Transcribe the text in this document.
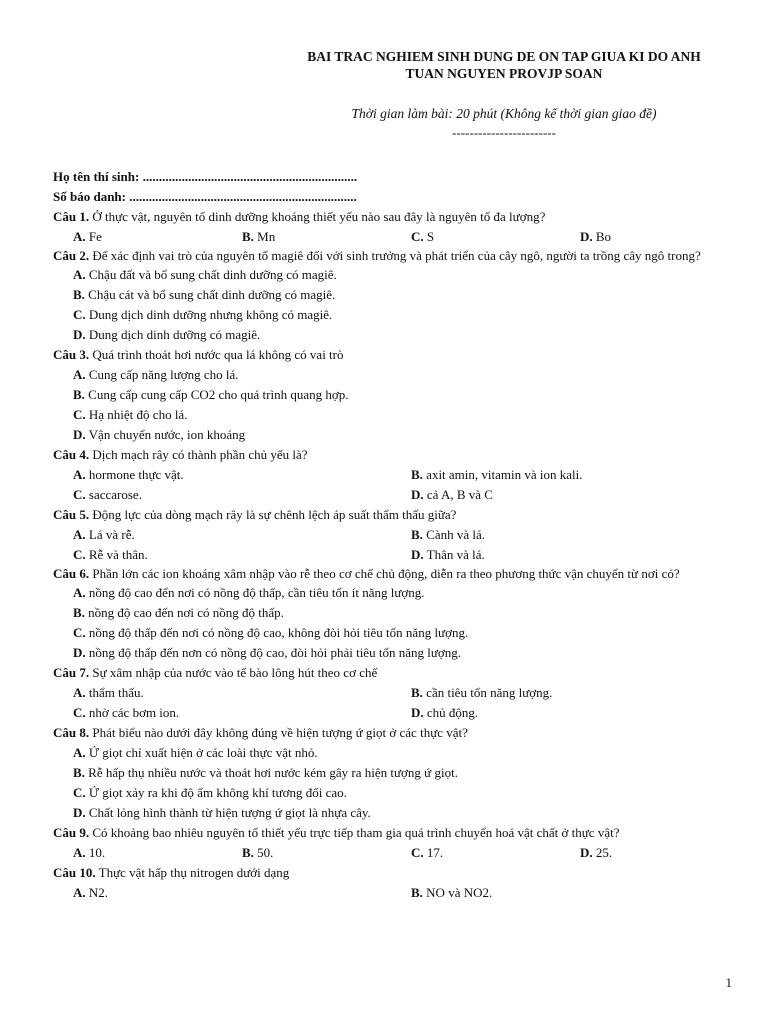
BAI TRAC NGHIEM SINH DUNG DE ON TAP GIUA KI DO ANH
TUAN NGUYEN PROVJP SOAN
Thời gian làm bài: 20 phút (Không kể thời gian giao đề)
------------------------
Họ tên thí sinh: ..................................................................
Số báo danh: ......................................................................
Câu 1. Ở thực vật, nguyên tố dinh dưỡng khoáng thiết yếu nào sau đây là nguyên tố đa lượng?
A. Fe	B. Mn	C. S	D. Bo
Câu 2. Để xác định vai trò của nguyên tố magiê đối với sinh trưởng và phát triển của cây ngô, người ta trồng cây ngô trong?
A. Chậu đất và bổ sung chất dinh dưỡng có magiê.
B. Chậu cát và bổ sung chất dinh dưỡng có magiê.
C. Dung dịch dinh dưỡng nhưng không có magiê.
D. Dung dịch dinh dưỡng có magiê.
Câu 3. Quá trình thoát hơi nước qua lá không có vai trò
A. Cung cấp năng lượng cho lá.
B. Cung cấp cung cấp CO2 cho quá trình quang hợp.
C. Hạ nhiệt độ cho lá.
D. Vận chuyển nước, ion khoáng
Câu 4. Dịch mạch rây có thành phần chủ yếu là?
A. hormone thực vật.	B. axit amin, vitamin và ion kali.
C. saccarose.	D. cả A, B và C
Câu 5. Động lực của dòng mạch rây là sự chênh lệch áp suất thẩm thấu giữa?
A. Lá và rễ.	B. Cành và lá.
C. Rễ và thân.	D. Thân và lá.
Câu 6. Phần lớn các ion khoáng xâm nhập vào rễ theo cơ chế chủ động, diễn ra theo phương thức vận chuyển từ nơi có?
A. nồng độ cao đến nơi có nồng độ thấp, cần tiêu tốn ít năng lượng.
B. nồng độ cao đến nơi có nồng độ thấp.
C. nồng độ thấp đến nơi có nồng độ cao, không đòi hỏi tiêu tốn năng lượng.
D. nồng độ thấp đến nơn có nồng độ cao, đòi hỏi phải tiêu tốn năng lượng.
Câu 7. Sự xâm nhập của nước vào tế bào lông hút theo cơ chế
A. thẩm thấu.	B. cần tiêu tốn năng lượng.
C. nhờ các bơm ion.	D. chủ động.
Câu 8. Phát biểu nào dưới đây không đúng về hiện tượng ứ giọt ở các thực vật?
A. Ứ giọt chỉ xuất hiện ở các loài thực vật nhỏ.
B. Rễ hấp thụ nhiều nước và thoát hơi nước kém gây ra hiện tượng ứ giọt.
C. Ứ giọt xảy ra khi độ ẩm không khí tương đối cao.
D. Chất lỏng hình thành từ hiện tượng ứ giọt là nhựa cây.
Câu 9. Có khoảng bao nhiêu nguyên tố thiết yếu trực tiếp tham gia quá trình chuyển hoá vật chất ở thực vật?
A. 10.	B. 50.	C. 17.	D. 25.
Câu 10. Thực vật hấp thụ nitrogen dưới dạng
A. N2.	B. NO và NO2.
1
